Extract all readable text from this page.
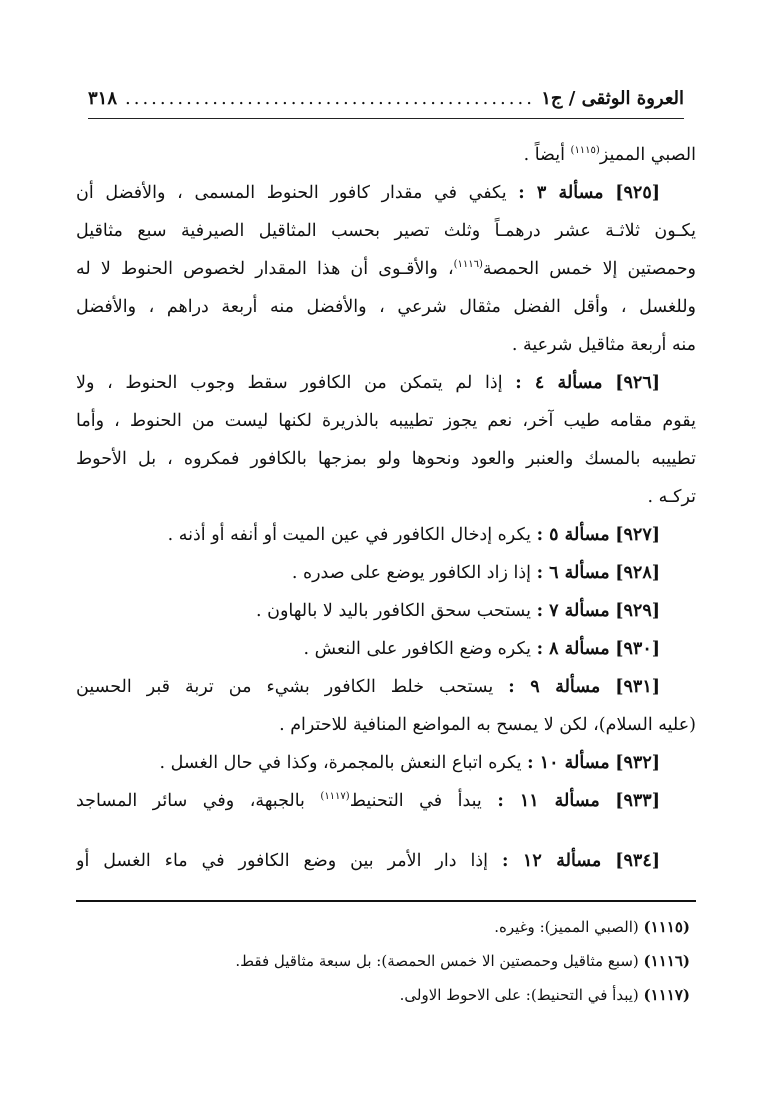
العروة الوثقى / ج١
.....
٣١٨
الصبي المميز$^{(١١١٥)}$ أيضاً .
[٩٢٥] مسألة ٣ : يكفي في مقدار كافور الحنوط المسمى ، والأفضل أن
يكـون ثلاثـة عشر درهمـاً وثلث تصير بحسب المثاقيل الصيرفية سبع مثاقيل
وحمصتين إلا خمس الحمصة$^{(١١١٦)}$، والأقـوى أن هذا المقدار لخصوص الحنوط لا له
وللغسل ، وأقل الفضل مثقال شرعي ، والأفضل منه أربعة دراهم ، والأفضل
منه أربعة مثاقيل شرعية .
[٩٢٦] مسألة ٤ : إذا لم يتمكن من الكافور سقط وجوب الحنوط ، ولا
يقوم مقامه طيب آخر، نعم يجوز تطييبه بالذريرة لكنها ليست من الحنوط ، وأما
تطييبه بالمسك والعنبر والعود ونحوها ولو بمزجها بالكافور فمكروه ، بل الأحوط
تركـه .
[٩٢٧] مسألة ٥ : يكره إدخال الكافور في عين الميت أو أنفه أو أذنه .
[٩٢٨] مسألة ٦ : إذا زاد الكافور يوضع على صدره .
[٩٢٩] مسألة ٧ : يستحب سحق الكافور باليد لا بالهاون .
[٩٣٠] مسألة ٨ : يكره وضع الكافور على النعش .
[٩٣١] مسألة ٩ : يستحب خلط الكافور بشيء من تربة قبر الحسين
(عليه السلام)، لكن لا يمسح به المواضع المنافية للاحترام .
[٩٣٢] مسألة ١٠ : يكره اتباع النعش بالمجمرة، وكذا في حال الغسل .
[٩٣٣] مسألة ١١ : يبدأ في التحنيط$^{(١١١٧)}$ بالجبهة، وفي سائر المساجد
[٩٣٤] مسألة ١٢ : إذا دار الأمر بين وضع الكافور في ماء الغسل أو
(١١١٥) (الصبي المميز): وغيره.
(١١١٦) (سبع مثاقيل وحمصتين الا خمس الحمصة): بل سبعة مثاقيل فقط.
(١١١٧) (يبدأ في التحنيط): على الاحوط الاولى.
